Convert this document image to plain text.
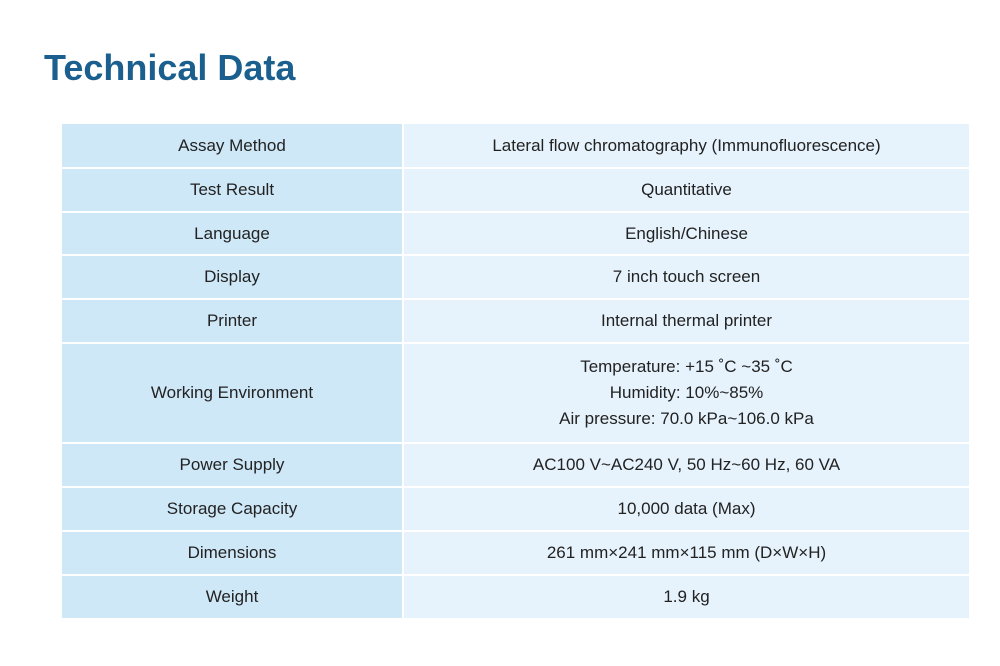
Technical Data
Assay Method	Lateral flow chromatography (Immunofluorescence)
Test Result	Quantitative
Language	English/Chinese
Display	7 inch touch screen
Printer	Internal thermal printer
Working Environment	Temperature: +15 ˚C ~35 ˚C
Humidity: 10%~85%
Air pressure: 70.0 kPa~106.0 kPa

Power Supply	AC100 V~AC240 V, 50 Hz~60 Hz, 60 VA
Storage Capacity	10,000 data (Max)
Dimensions	261 mm×241 mm×115 mm (D×W×H)
Weight	1.9 kg
